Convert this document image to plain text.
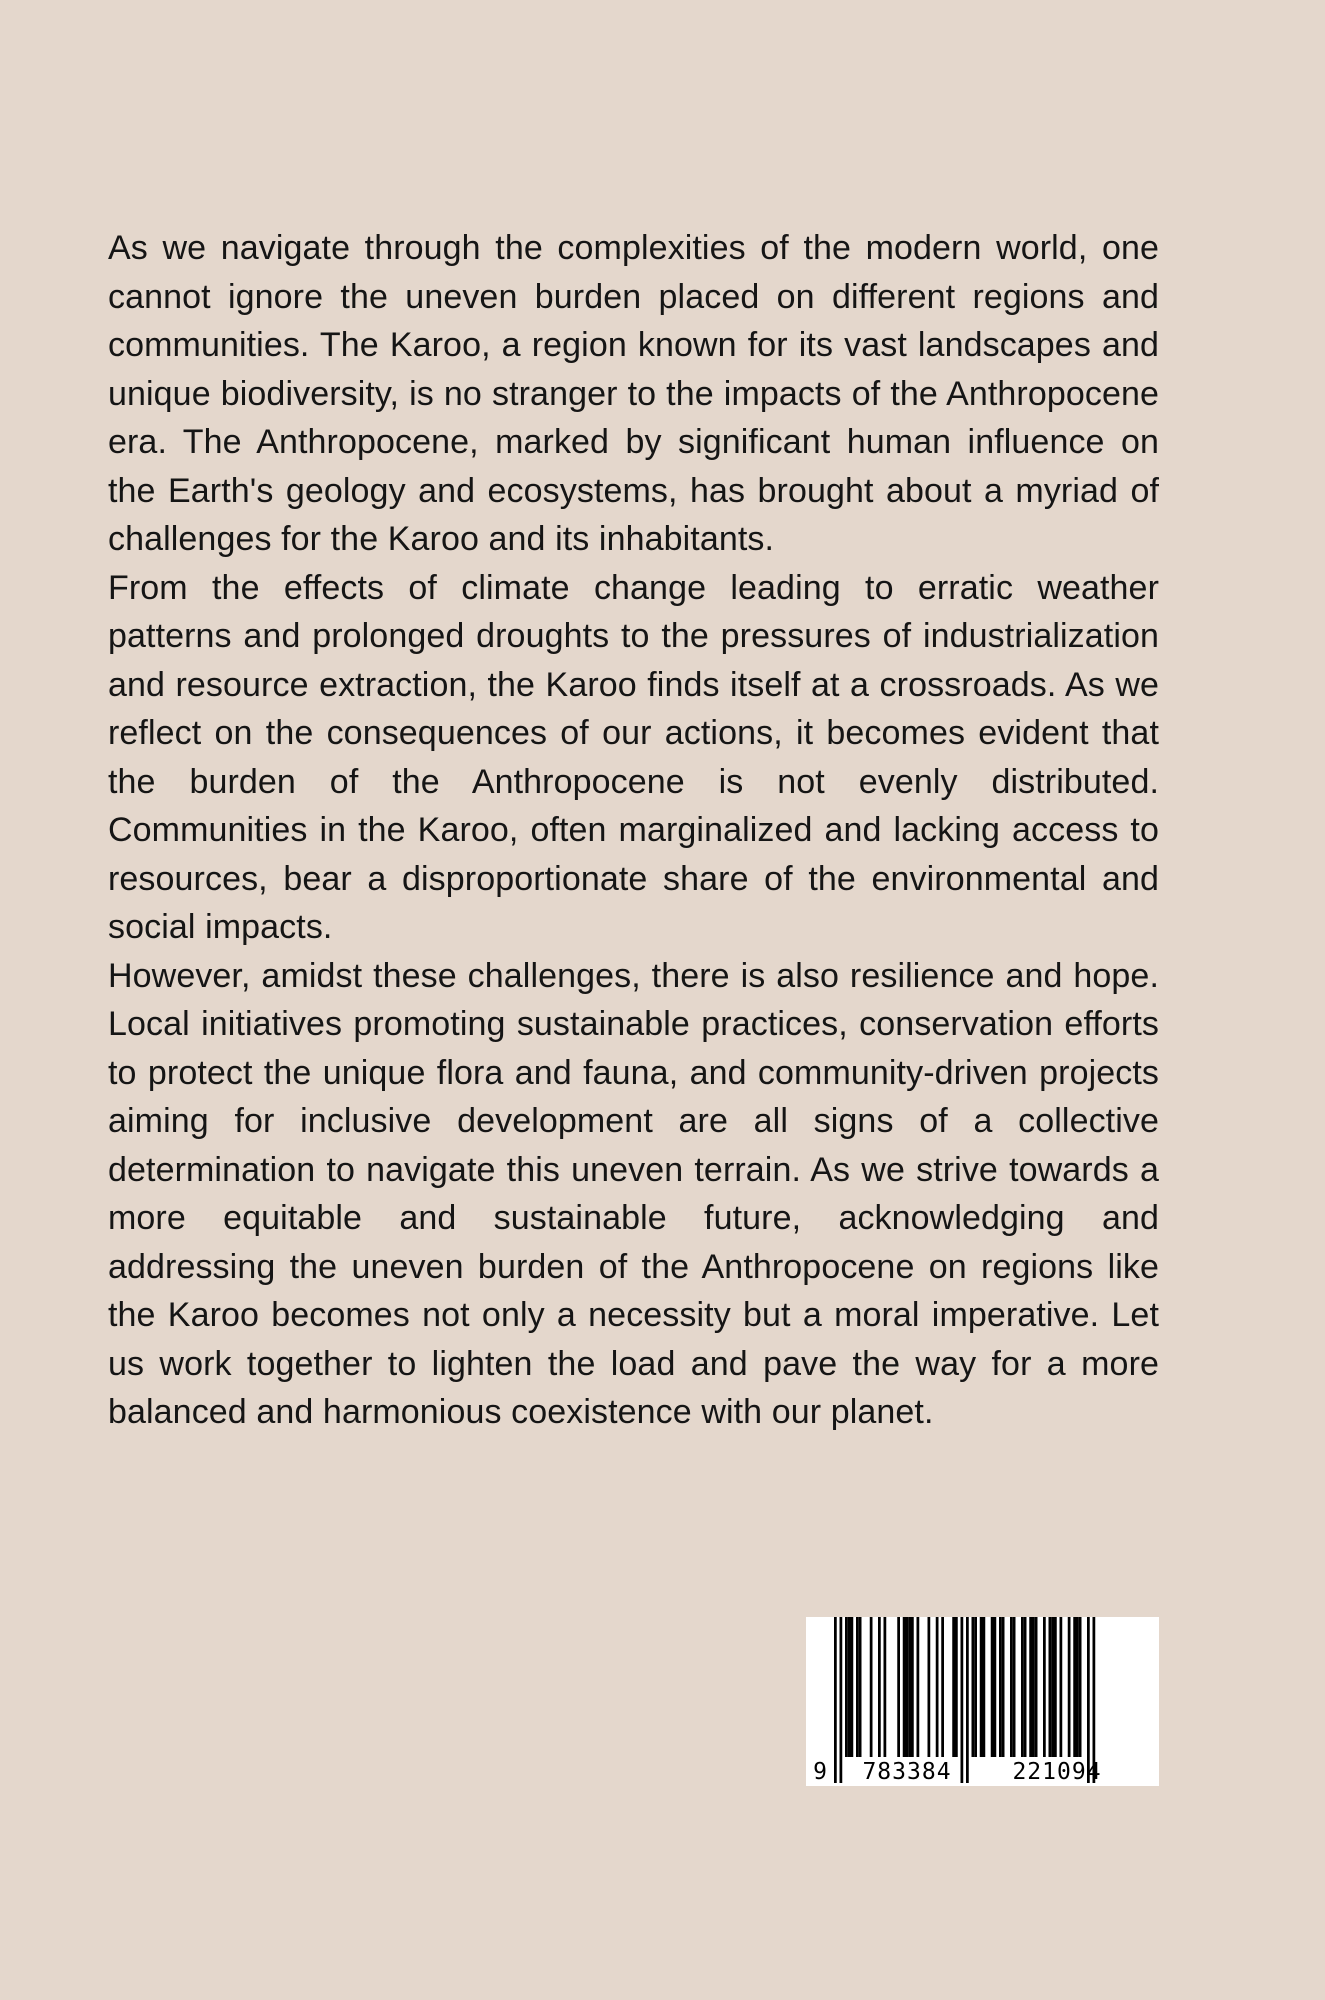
As we navigate through the complexities of the modern world, one cannot ignore the uneven burden placed on different regions and communities. The Karoo, a region known for its vast landscapes and unique biodiversity, is no stranger to the impacts of the Anthropocene era. The Anthropocene, marked by significant human influence on the Earth's geology and ecosystems, has brought about a myriad of challenges for the Karoo and its inhabitants.

From the effects of climate change leading to erratic weather patterns and prolonged droughts to the pressures of industrialization and resource extraction, the Karoo finds itself at a crossroads. As we reflect on the consequences of our actions, it becomes evident that the burden of the Anthropocene is not evenly distributed. Communities in the Karoo, often marginalized and lacking access to resources, bear a disproportionate share of the environmental and social impacts.

However, amidst these challenges, there is also resilience and hope. Local initiatives promoting sustainable practices, conservation efforts to protect the unique flora and fauna, and community-driven projects aiming for inclusive development are all signs of a collective determination to navigate this uneven terrain. As we strive towards a more equitable and sustainable future, acknowledging and addressing the uneven burden of the Anthropocene on regions like the Karoo becomes not only a necessity but a moral imperative. Let us work together to lighten the load and pave the way for a more balanced and harmonious coexistence with our planet.

9 783384	221094
